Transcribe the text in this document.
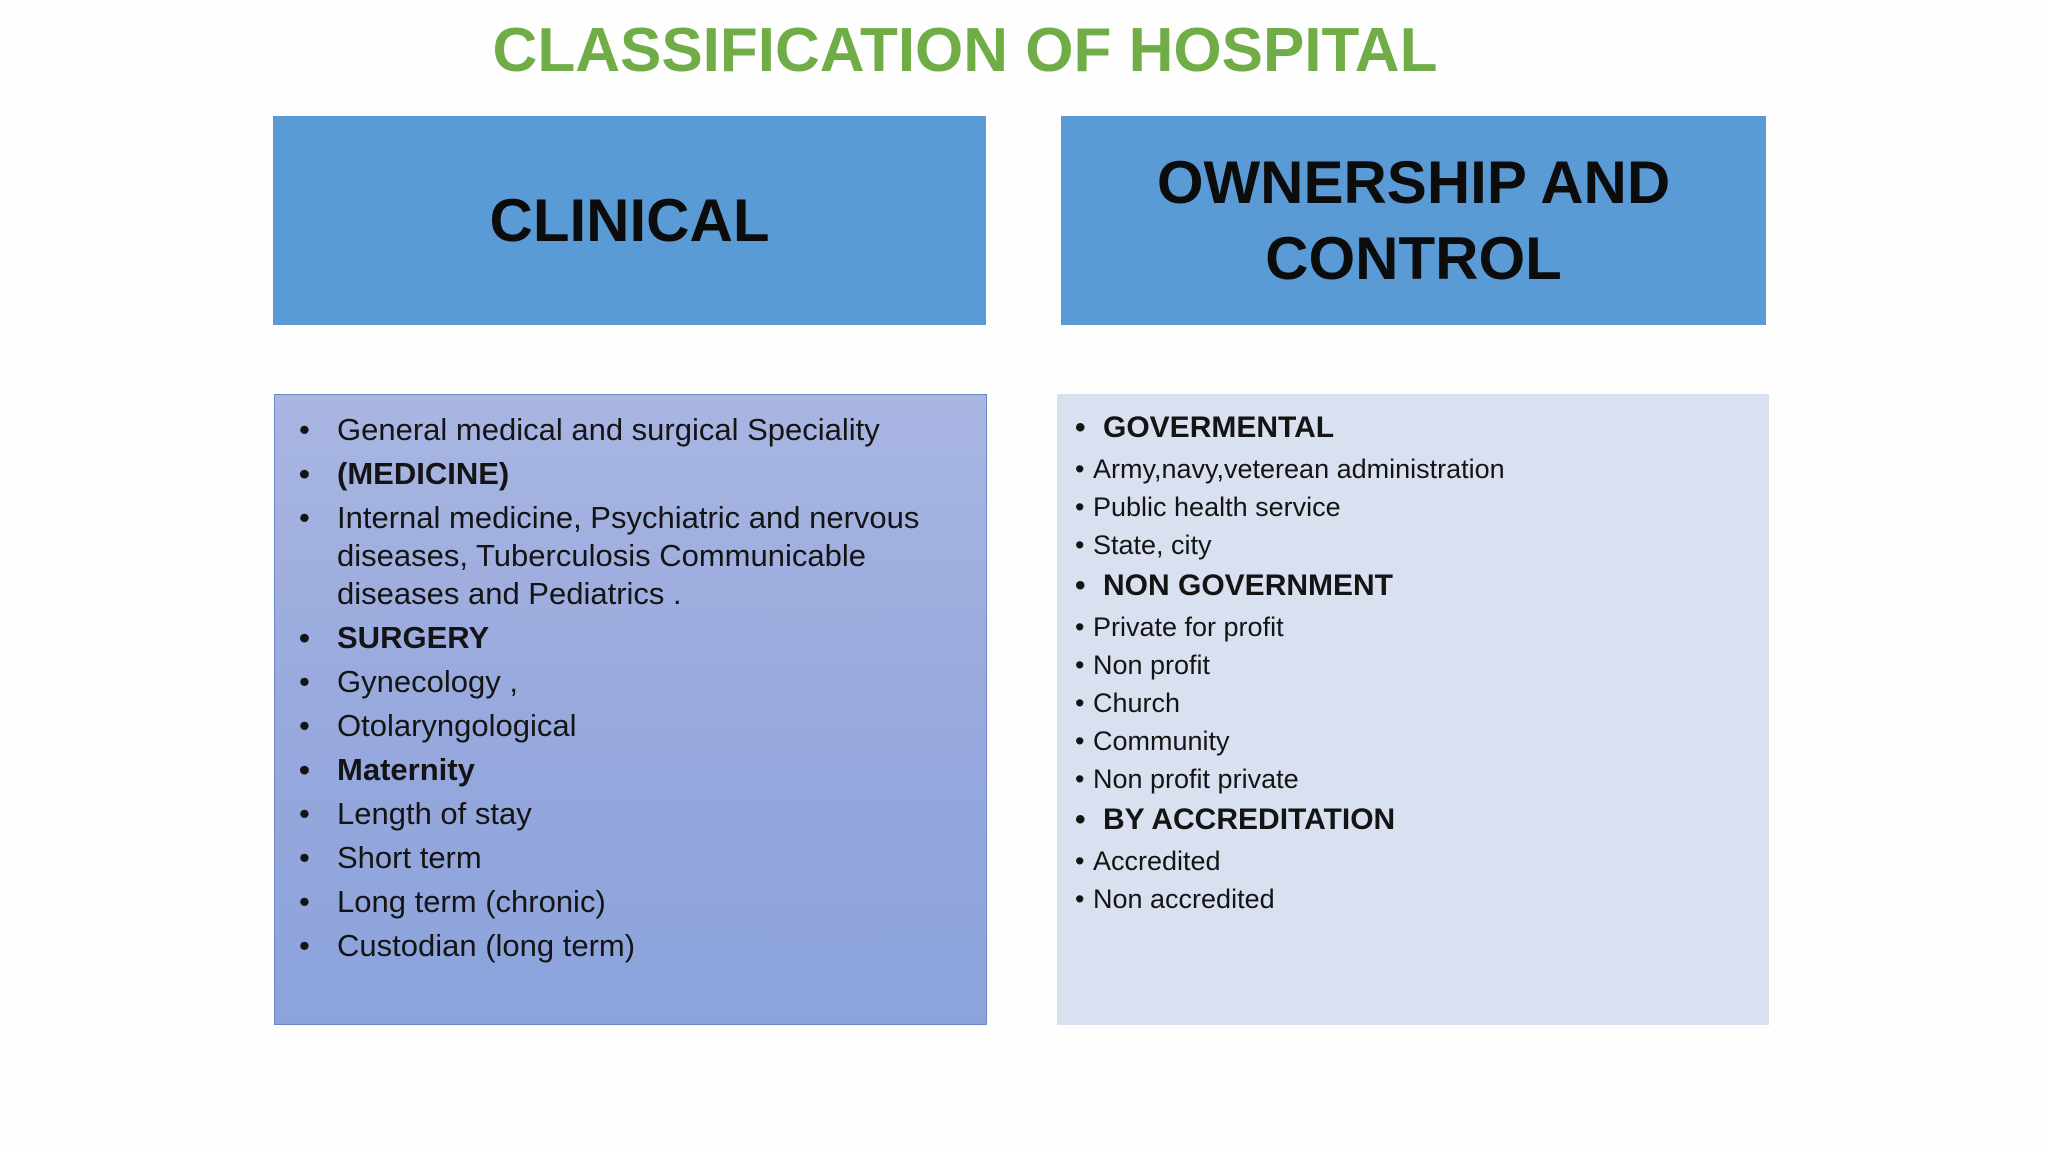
CLASSIFICATION OF HOSPITAL
CLINICAL
OWNERSHIP AND
CONTROL
• General medical and surgical Speciality
• (MEDICINE)
• Internal medicine, Psychiatric and nervous diseases, Tuberculosis Communicable diseases and Pediatrics .
• SURGERY
• Gynecology ,
• Otolaryngological
• Maternity
• Length of stay
• Short term
• Long term (chronic)
• Custodian (long term)
• GOVERMENTAL
• Army,navy,veterean administration
• Public health service
• State, city
• NON GOVERNMENT
• Private for profit
• Non profit
• Church
• Community
• Non profit private
• BY ACCREDITATION
• Accredited
• Non accredited
